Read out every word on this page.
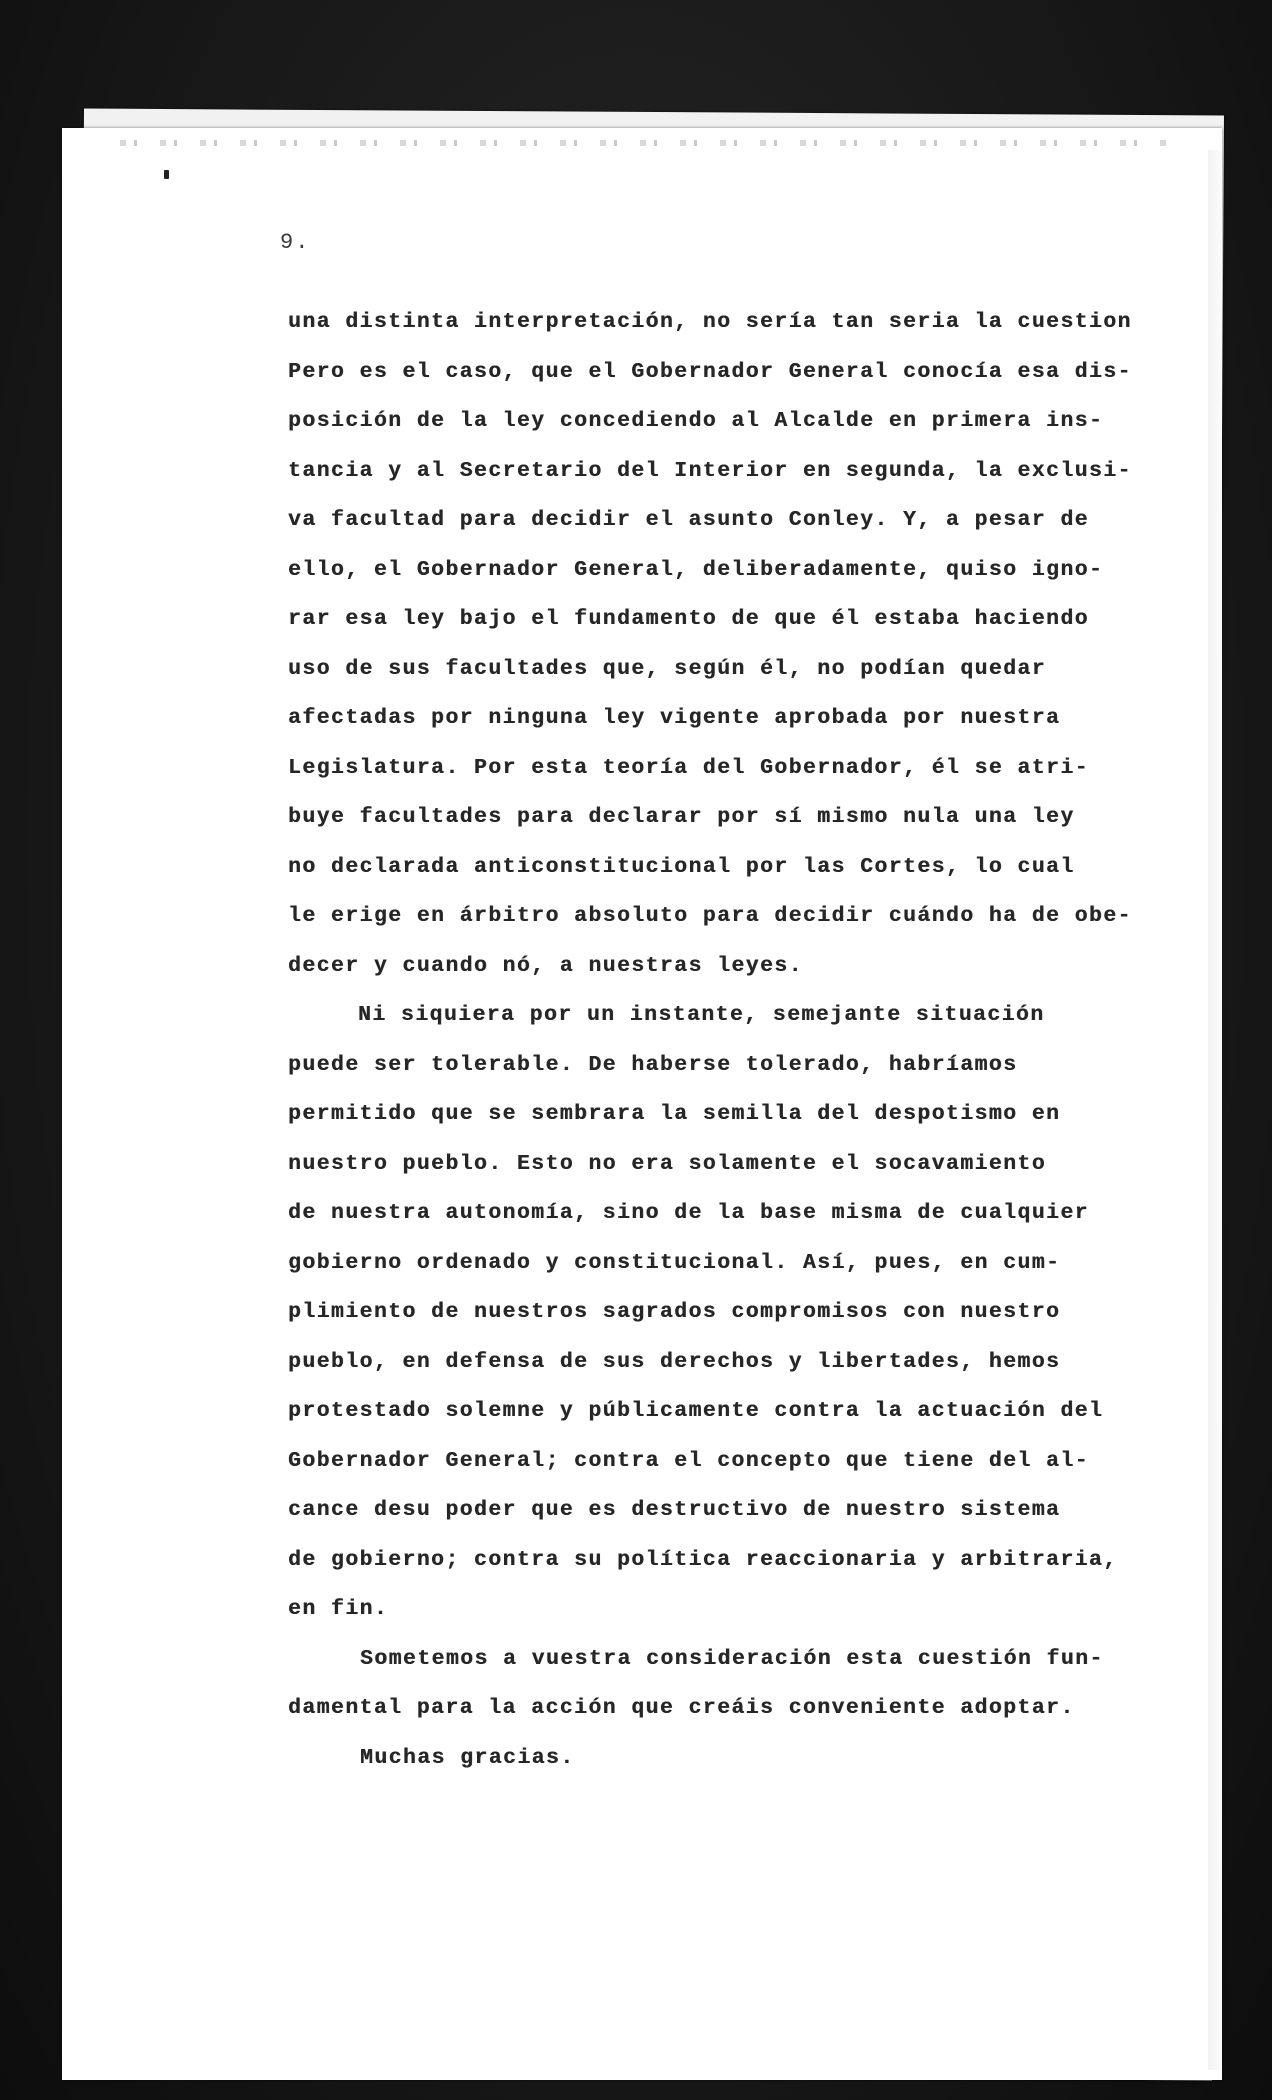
9.
una distinta interpretación, no sería tan seria la cuestion
Pero es el caso, que el Gobernador General conocía esa dis-
posición de la ley concediendo al Alcalde en primera ins-
tancia y al Secretario del Interior en segunda, la exclusi-
va facultad para decidir el asunto Conley. Y, a pesar de
ello, el Gobernador General, deliberadamente, quiso igno-
rar esa ley bajo el fundamento de que él estaba haciendo
uso de sus facultades que, según él, no podían quedar
afectadas por ninguna ley vigente aprobada por nuestra
Legislatura. Por esta teoría del Gobernador, él se atri-
buye facultades para declarar por sí mismo nula una ley
no declarada anticonstitucional por las Cortes, lo cual
le erige en árbitro absoluto para decidir cuándo ha de obe-
decer y cuando nó, a nuestras leyes.
Ni siquiera por un instante, semejante situación
puede ser tolerable. De haberse tolerado, habríamos
permitido que se sembrara la semilla del despotismo en
nuestro pueblo. Esto no era solamente el socavamiento
de nuestra autonomía, sino de la base misma de cualquier
gobierno ordenado y constitucional. Así, pues, en cum-
plimiento de nuestros sagrados compromisos con nuestro
pueblo, en defensa de sus derechos y libertades, hemos
protestado solemne y públicamente contra la actuación del
Gobernador General; contra el concepto que tiene del al-
cance desu poder que es destructivo de nuestro sistema
de gobierno; contra su política reaccionaria y arbitraria,
en fin.
Sometemos a vuestra consideración esta cuestión fun-
damental para la acción que creáis conveniente adoptar.
Muchas gracias.
